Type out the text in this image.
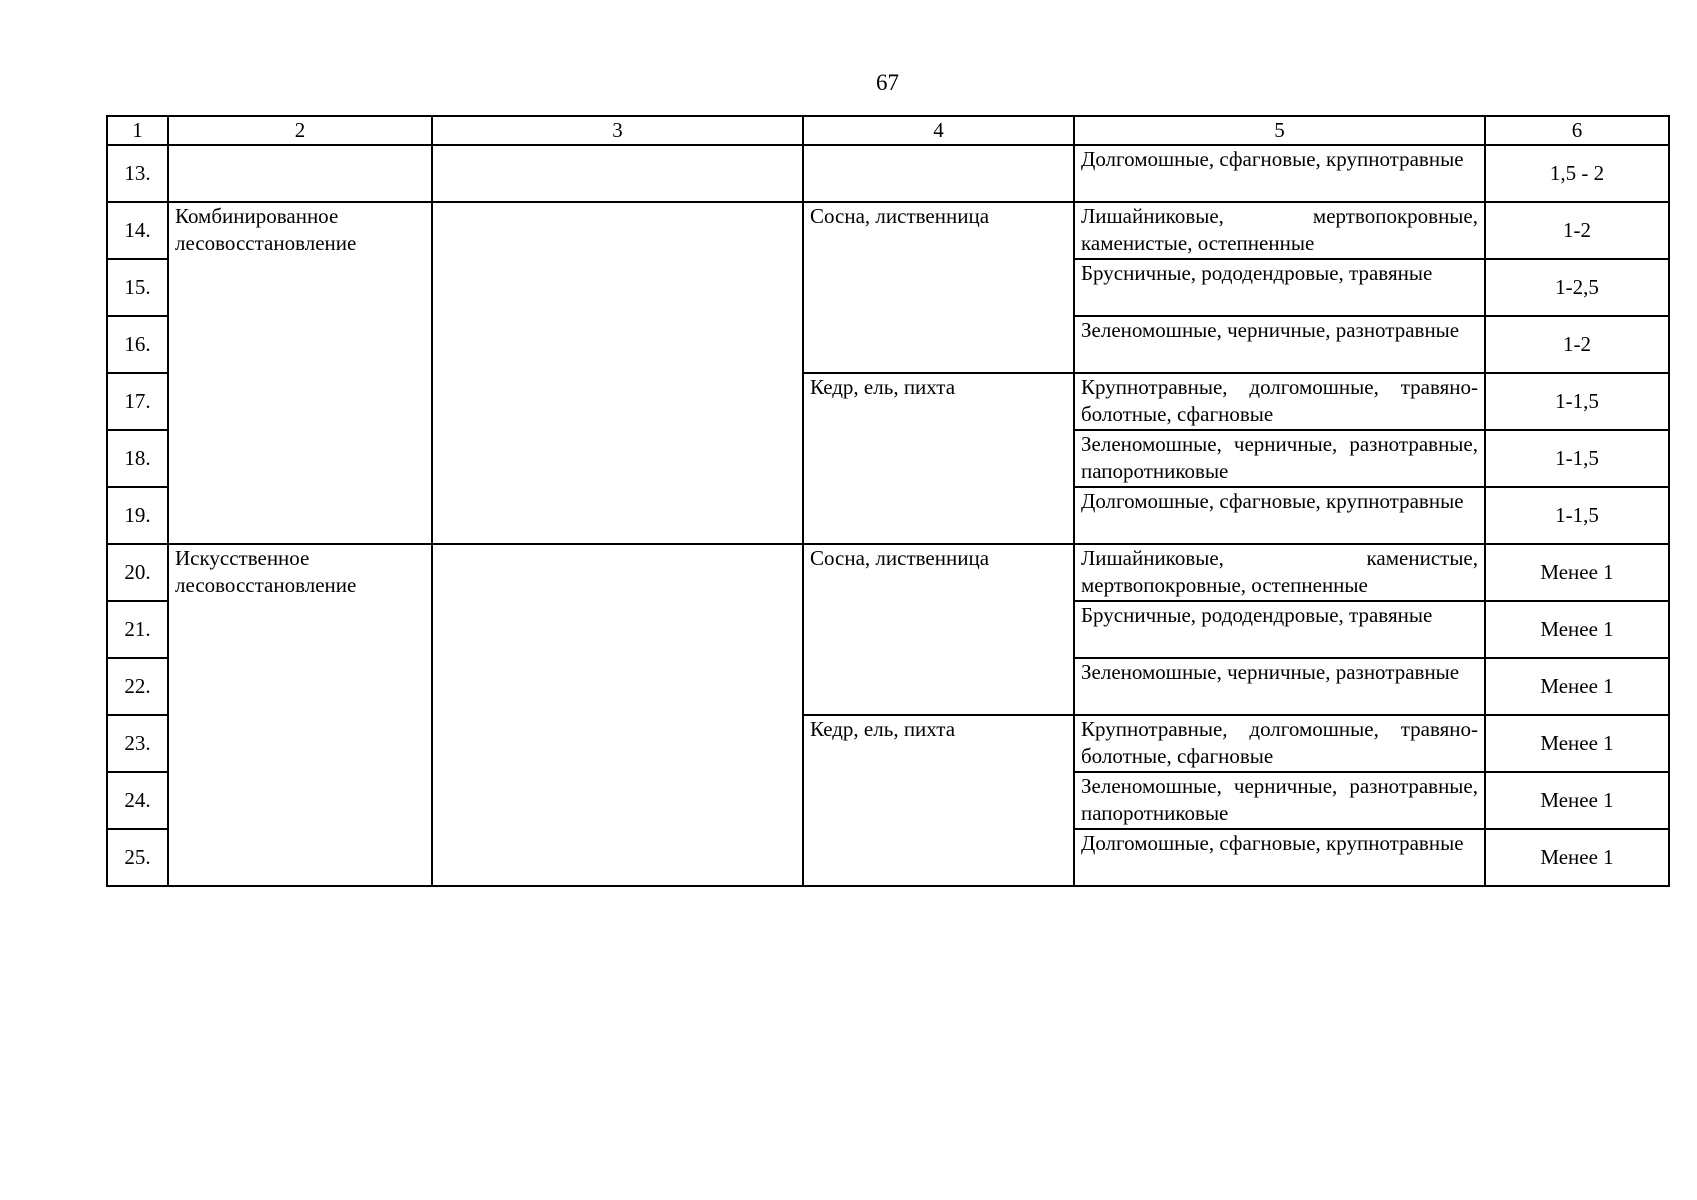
67
1	2	3	4	5	6
13.				Долгомошные, сфагновые, крупнотравные	1,5 - 2
14.	Комбинированное лесовосстановление		Сосна, лиственница	Лишайниковые, мертвопокровные, каменистые, остепненные	1-2
15.				Брусничные, рододендровые, травяные	1-2,5
16.				Зеленомошные, черничные, разнотравные	1-2
17.			Кедр, ель, пихта	Крупнотравные, долгомошные, травяно-болотные, сфагновые	1-1,5
18.				Зеленомошные, черничные, разнотравные, папоротниковые	1-1,5
19.				Долгомошные, сфагновые, крупнотравные	1-1,5
20.	Искусственное лесовосстановление		Сосна, лиственница	Лишайниковые, каменистые, мертвопокровные, остепненные	Менее 1
21.				Брусничные, рододендровые, травяные	Менее 1
22.				Зеленомошные, черничные, разнотравные	Менее 1
23.			Кедр, ель, пихта	Крупнотравные, долгомошные, травяно-болотные, сфагновые	Менее 1
24.				Зеленомошные, черничные, разнотравные, папоротниковые	Менее 1
25.				Долгомошные, сфагновые, крупнотравные	Менее 1
